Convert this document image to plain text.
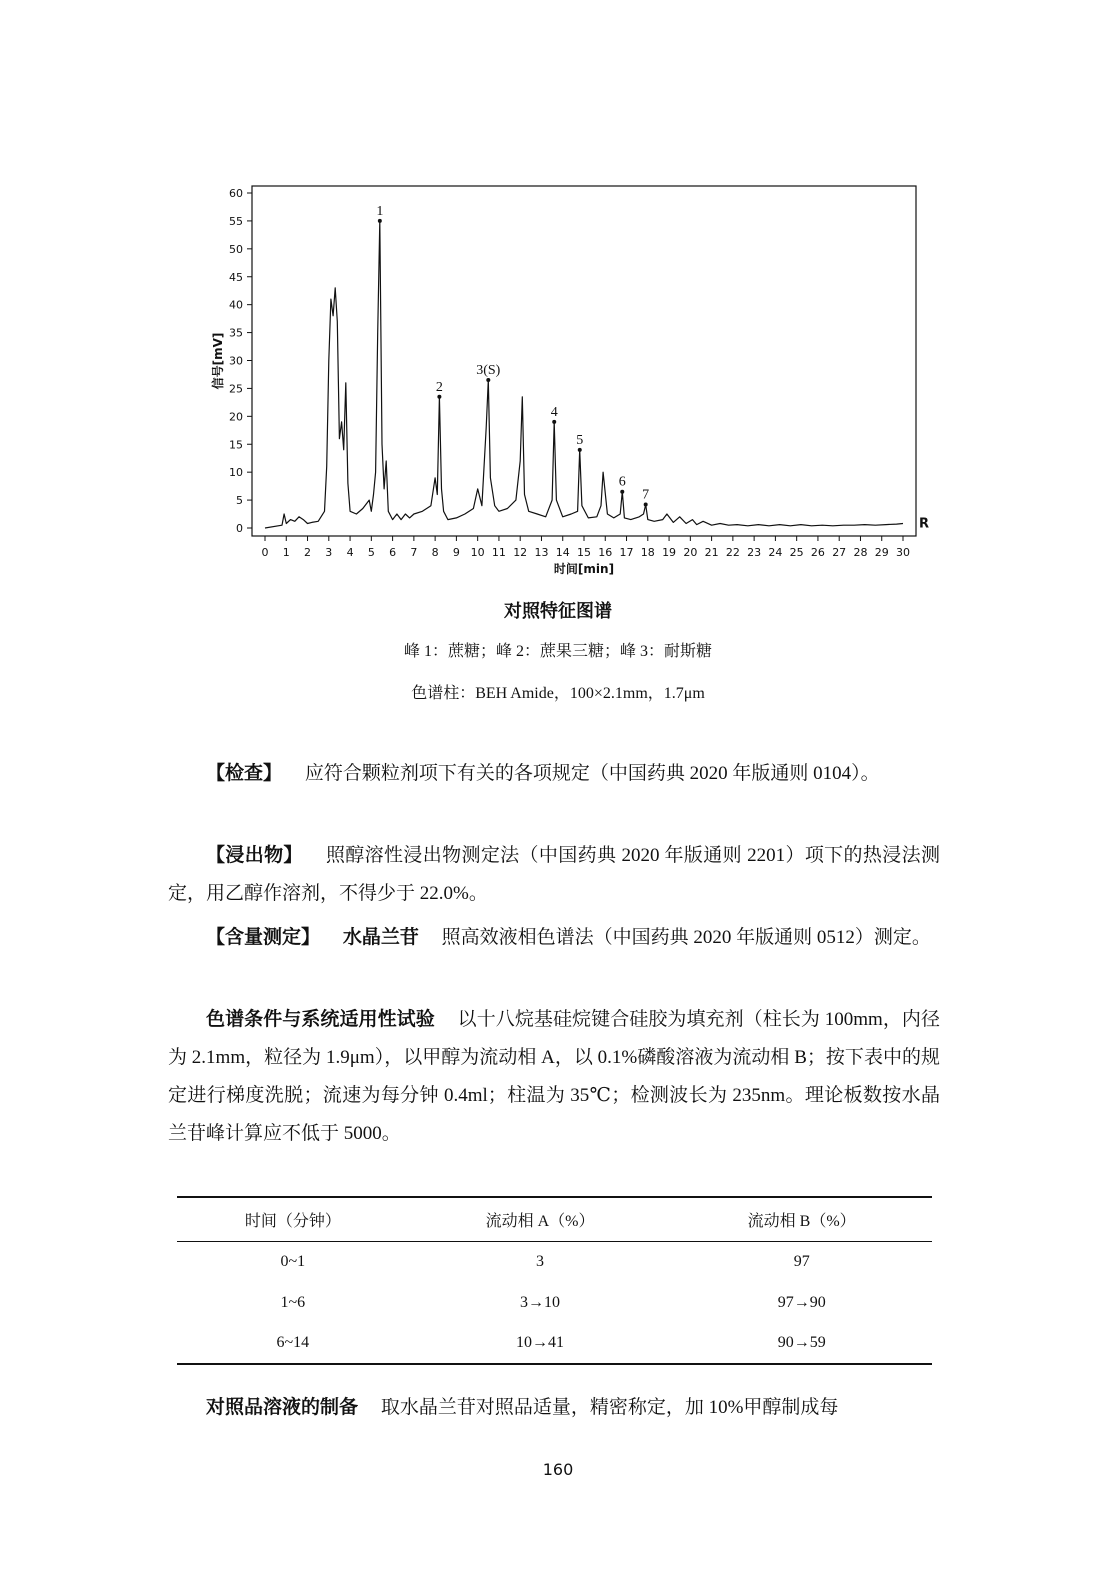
0
5
10
15
20
25
30
35
40
45
50
55
60
0 1 2 3 4 5 6 7 8 9 10 11 12 13 14 15 16 17 18 19 20 21 22 23 24 25 26 27 28 29 30
时间[min]
信号[mV]
R
1
2
3(S)
4
5
6
7
对照特征图谱
峰 1：蔗糖；峰 2：蔗果三糖；峰 3：耐斯糖
色谱柱：BEH Amide，100×2.1mm，1.7μm
【检查】 应符合颗粒剂项下有关的各项规定（中国药典 2020 年版通则 0104）。
【浸出物】 照醇溶性浸出物测定法（中国药典 2020 年版通则 2201）项下的热浸法测定，用乙醇作溶剂，不得少于 22.0%。
【含量测定】 水晶兰苷 照高效液相色谱法（中国药典 2020 年版通则 0512）测定。
色谱条件与系统适用性试验 以十八烷基硅烷键合硅胶为填充剂（柱长为 100mm，内径为 2.1mm，粒径为 1.9μm），以甲醇为流动相 A，以 0.1%磷酸溶液为流动相 B；按下表中的规定进行梯度洗脱；流速为每分钟 0.4ml；柱温为 35℃；检测波长为 235nm。理论板数按水晶兰苷峰计算应不低于 5000。
时间（分钟）	流动相 A（%）	流动相 B（%）
0~1	3	97
1~6	3→10	97→90
6~14	10→41	90→59
对照品溶液的制备 取水晶兰苷对照品适量，精密称定，加 10%甲醇制成每
160
